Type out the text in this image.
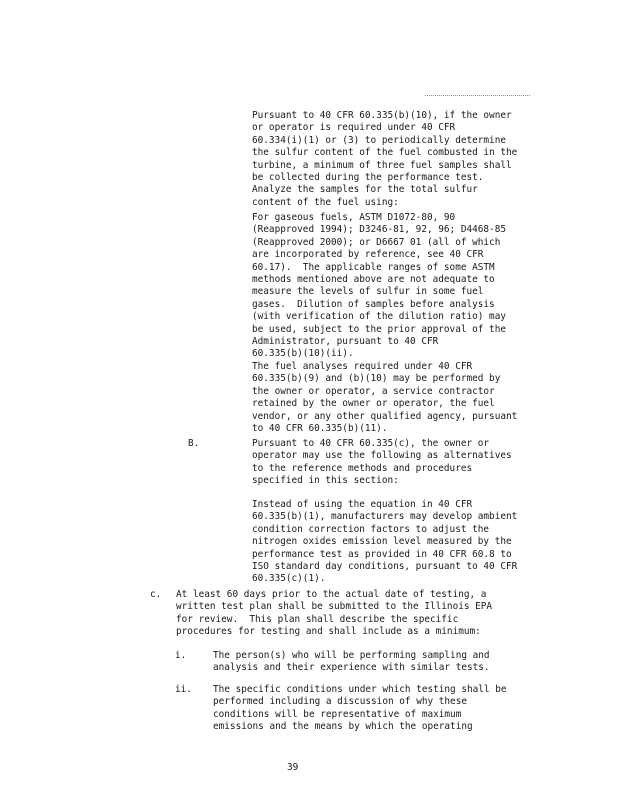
Pursuant to 40 CFR 60.335(b)(10), if the owner
or operator is required under 40 CFR
60.334(i)(1) or (3) to periodically determine
the sulfur content of the fuel combusted in the
turbine, a minimum of three fuel samples shall
be collected during the performance test.
Analyze the samples for the total sulfur
content of the fuel using:
For gaseous fuels, ASTM D1072-80, 90
(Reapproved 1994); D3246-81, 92, 96; D4468-85
(Reapproved 2000); or D6667 01 (all of which
are incorporated by reference, see 40 CFR
60.17).  The applicable ranges of some ASTM
methods mentioned above are not adequate to
measure the levels of sulfur in some fuel
gases.  Dilution of samples before analysis
(with verification of the dilution ratio) may
be used, subject to the prior approval of the
Administrator, pursuant to 40 CFR
60.335(b)(10)(ii).
The fuel analyses required under 40 CFR
60.335(b)(9) and (b)(10) may be performed by
the owner or operator, a service contractor
retained by the owner or operator, the fuel
vendor, or any other qualified agency, pursuant
to 40 CFR 60.335(b)(11).
B.	Pursuant to 40 CFR 60.335(c), the owner or
operator may use the following as alternatives
to the reference methods and procedures
specified in this section:
Instead of using the equation in 40 CFR
60.335(b)(1), manufacturers may develop ambient
condition correction factors to adjust the
nitrogen oxides emission level measured by the
performance test as provided in 40 CFR 60.8 to
ISO standard day conditions, pursuant to 40 CFR
60.335(c)(1).
c. At least 60 days prior to the actual date of testing, a
written test plan shall be submitted to the Illinois EPA
for review.  This plan shall describe the specific
procedures for testing and shall include as a minimum:
i.	The person(s) who will be performing sampling and
analysis and their experience with similar tests.
ii. The specific conditions under which testing shall be
performed including a discussion of why these
conditions will be representative of maximum
emissions and the means by which the operating
39
